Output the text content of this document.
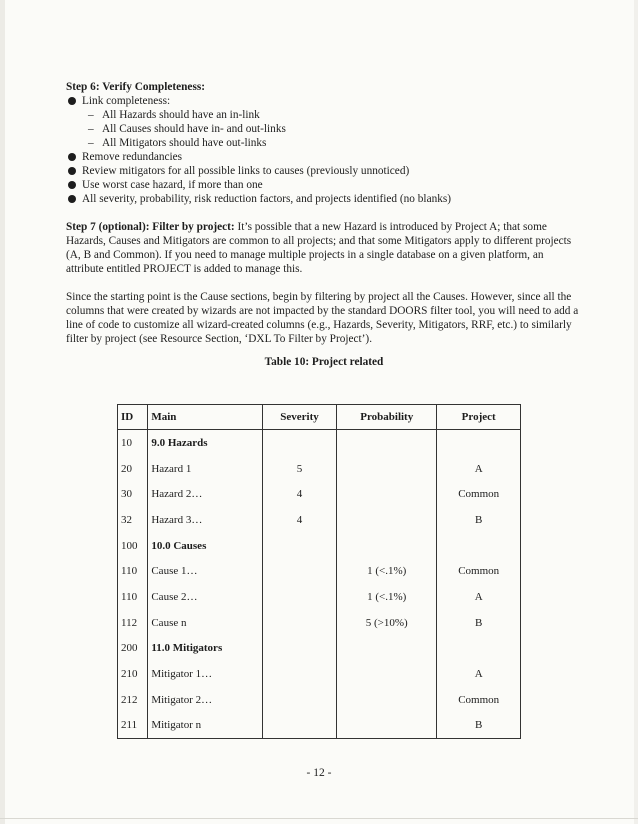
Step 6: Verify Completeness:

Link completeness:
– All Hazards should have an in-link
– All Causes should have in- and out-links
– All Mitigators should have out-links
Remove redundancies
Review mitigators for all possible links to causes (previously unnoticed)
Use worst case hazard, if more than one
All severity, probability, risk reduction factors, and projects identified (no blanks)

Step 7 (optional): Filter by project: It’s possible that a new Hazard is introduced by Project A; that some Hazards, Causes and Mitigators are common to all projects; and that some Mitigators apply to different projects (A, B and Common). If you need to manage multiple projects in a single database on a given platform, an attribute entitled PROJECT is added to manage this.

Since the starting point is the Cause sections, begin by filtering by project all the Causes. However, since all the columns that were created by wizards are not impacted by the standard DOORS filter tool, you will need to add a line of code to customize all wizard-created columns (e.g., Hazards, Severity, Mitigators, RRF, etc.) to similarly filter by project (see Resource Section, ‘DXL To Filter by Project’).

Table 10: Project related
ID	Main	Severity	Probability	Project
10	9.0 Hazards			
20	Hazard 1	5		A
30	Hazard 2…	4		Common
32	Hazard 3…	4		B
100	10.0 Causes			
110	Cause 1…		1 (<.1%)	Common
110	Cause 2…		1 (<.1%)	A
112	Cause n		5 (>10%)	B
200	11.0 Mitigators			
210	Mitigator 1…			A
212	Mitigator 2…			Common
211	Mitigator n			B
- 12 -
